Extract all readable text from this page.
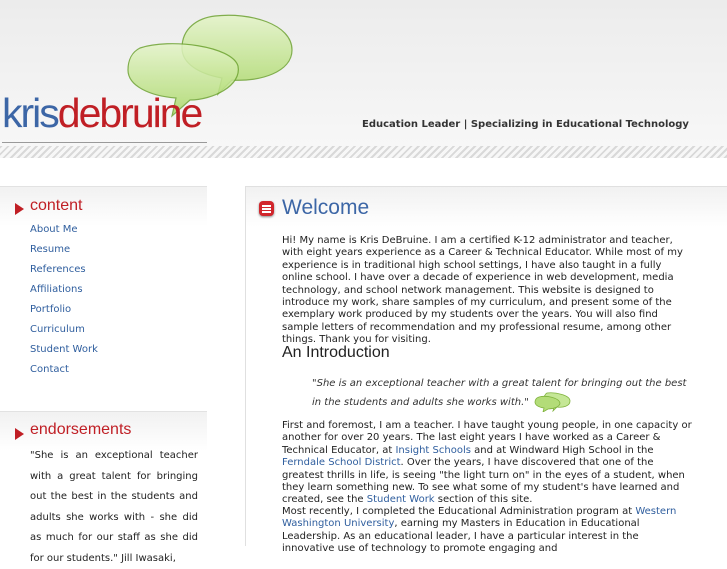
krisdebruine	Education Leader | Specializing in Educational Technology
content
About Me
Resume
References
Affiliations
Portfolio
Curriculum
Student Work
Contact
endorsements
"She is an exceptional teacher with a great talent for bringing out the best in the students and adults she works with - she did as much for our staff as she did for our students." Jill Iwasaki,
Welcome

Hi! My name is Kris DeBruine. I am a certified K-12 administrator and teacher, with eight years experience as a Career & Technical Educator. While most of my experience is in traditional high school settings, I have also taught in a fully online school. I have over a decade of experience in web development, media technology, and school network management. This website is designed to introduce my work, share samples of my curriculum, and present some of the exemplary work produced by my students over the years. You will also find sample letters of recommendation and my professional resume, among other things. Thank you for visiting.

An Introduction

"She is an exceptional teacher with a great talent for bringing out the best in the students and adults she works with."

First and foremost, I am a teacher. I have taught young people, in one capacity or another for over 20 years. The last eight years I have worked as a Career & Technical Educator, at Insight Schools and at Windward High School in the Ferndale School District. Over the years, I have discovered that one of the greatest thrills in life, is seeing "the light turn on" in the eyes of a student, when they learn something new. To see what some of my student's have learned and created, see the Student Work section of this site.

Most recently, I completed the Educational Administration program at Western Washington University, earning my Masters in Education in Educational Leadership. As an educational leader, I have a particular interest in the innovative use of technology to promote engaging and
